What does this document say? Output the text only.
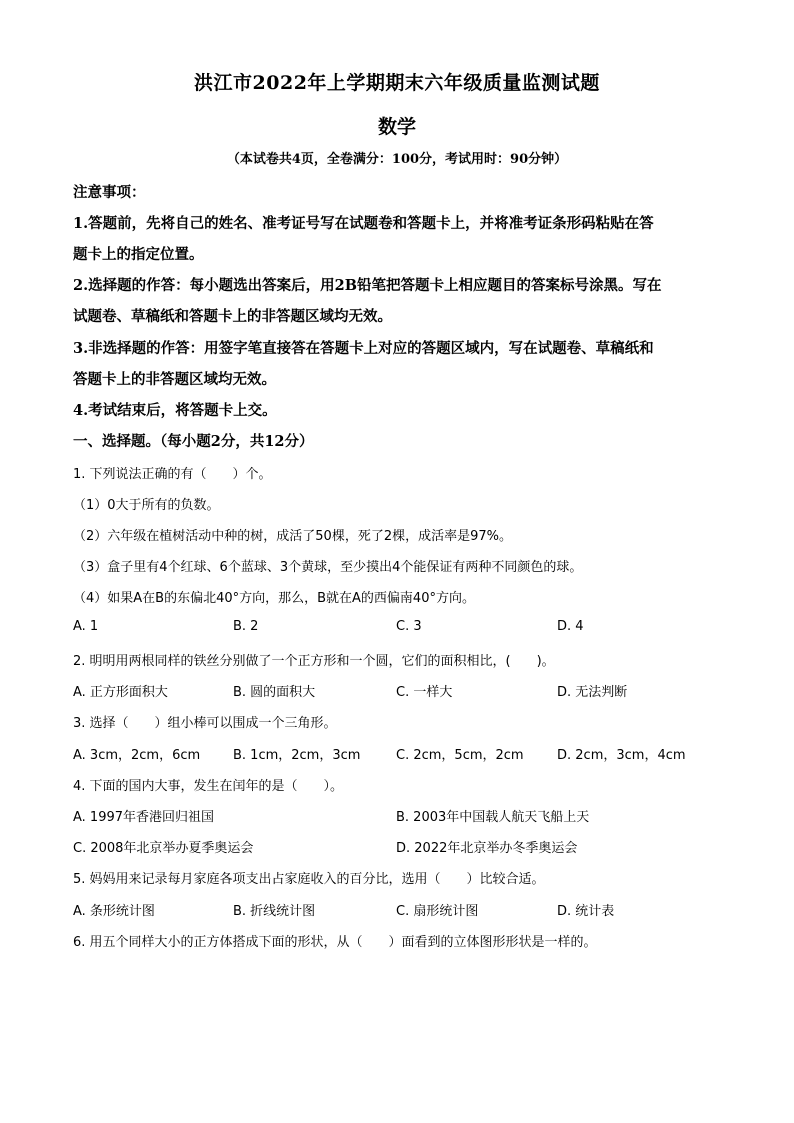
洪江市2022年上学期期末六年级质量监测试题
数学
（本试卷共4页，全卷满分：100分，考试用时：90分钟）
注意事项：
1.答题前，先将自己的姓名、准考证号写在试题卷和答题卡上，并将准考证条形码粘贴在答
题卡上的指定位置。
2.选择题的作答：每小题选出答案后，用2B铅笔把答题卡上相应题目的答案标号涂黑。写在
试题卷、草稿纸和答题卡上的非答题区域均无效。
3.非选择题的作答：用签字笔直接答在答题卡上对应的答题区域内，写在试题卷、草稿纸和
答题卡上的非答题区域均无效。
4.考试结束后，将答题卡上交。
一、选择题。（每小题2分，共12分）
1. 下列说法正确的有（　　）个。
（1）0大于所有的负数。
（2）六年级在植树活动中种的树，成活了50棵，死了2棵，成活率是97%。
（3）盒子里有4个红球、6个蓝球、3个黄球，至少摸出4个能保证有两种不同颜色的球。
（4）如果A在B的东偏北40°方向，那么，B就在A的西偏南40°方向。
A. 1	B. 2	C. 3	D. 4
2. 明明用两根同样的铁丝分别做了一个正方形和一个圆，它们的面积相比，(　　)。
A. 正方形面积大	B. 圆的面积大	C. 一样大	D. 无法判断
3. 选择（　　）组小棒可以围成一个三角形。
A. 3cm，2cm，6cm	B. 1cm，2cm，3cm	C. 2cm，5cm，2cm	D. 2cm，3cm，4cm
4. 下面的国内大事，发生在闰年的是（　　）。
A. 1997年香港回归祖国	B. 2003年中国载人航天飞船上天
C. 2008年北京举办夏季奥运会	D. 2022年北京举办冬季奥运会
5. 妈妈用来记录每月家庭各项支出占家庭收入的百分比，选用（　　）比较合适。
A. 条形统计图	B. 折线统计图	C. 扇形统计图	D. 统计表
6. 用五个同样大小的正方体搭成下面的形状，从（　　）面看到的立体图形形状是一样的。
